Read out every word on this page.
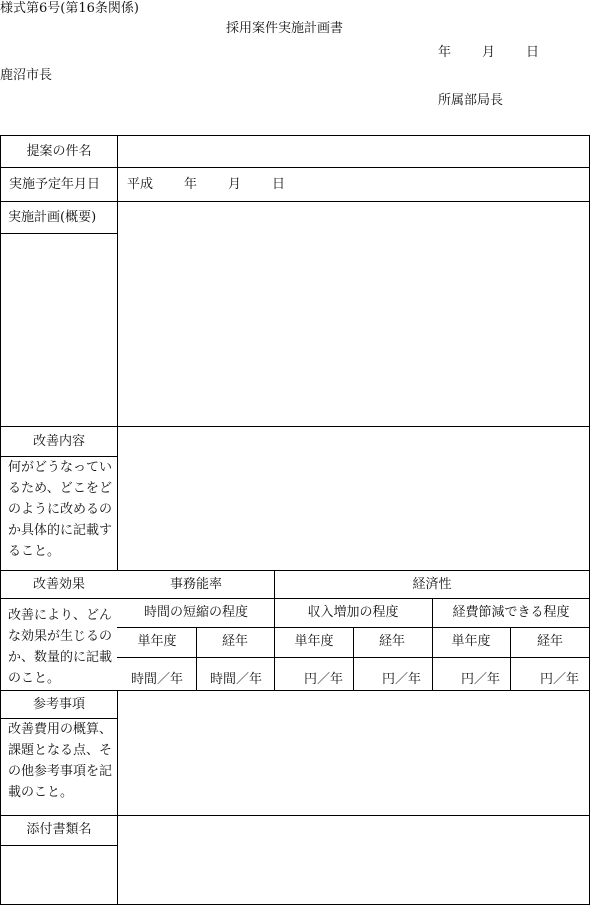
様式第6号(第16条関係)
採用案件実施計画書
年 月 日
鹿沼市長
所属部局長
提案の件名
実施予定年月日 平成 年 月 日
実施計画(概要)
改善内容
何がどうなっているため、どこをどのように改めるのか具体的に記載すること。
改善効果
改善により、どんな効果が生じるのか、数量的に記載のこと。
事務能率	経済性
時間の短縮の程度	収入増加の程度	経費節減できる程度
単年度	経年	単年度	経年	単年度	経年
時間／年 時間／年	円／年	円／年	円／年	円／年
参考事項
改善費用の概算、課題となる点、その他参考事項を記載のこと。
添付書類名
